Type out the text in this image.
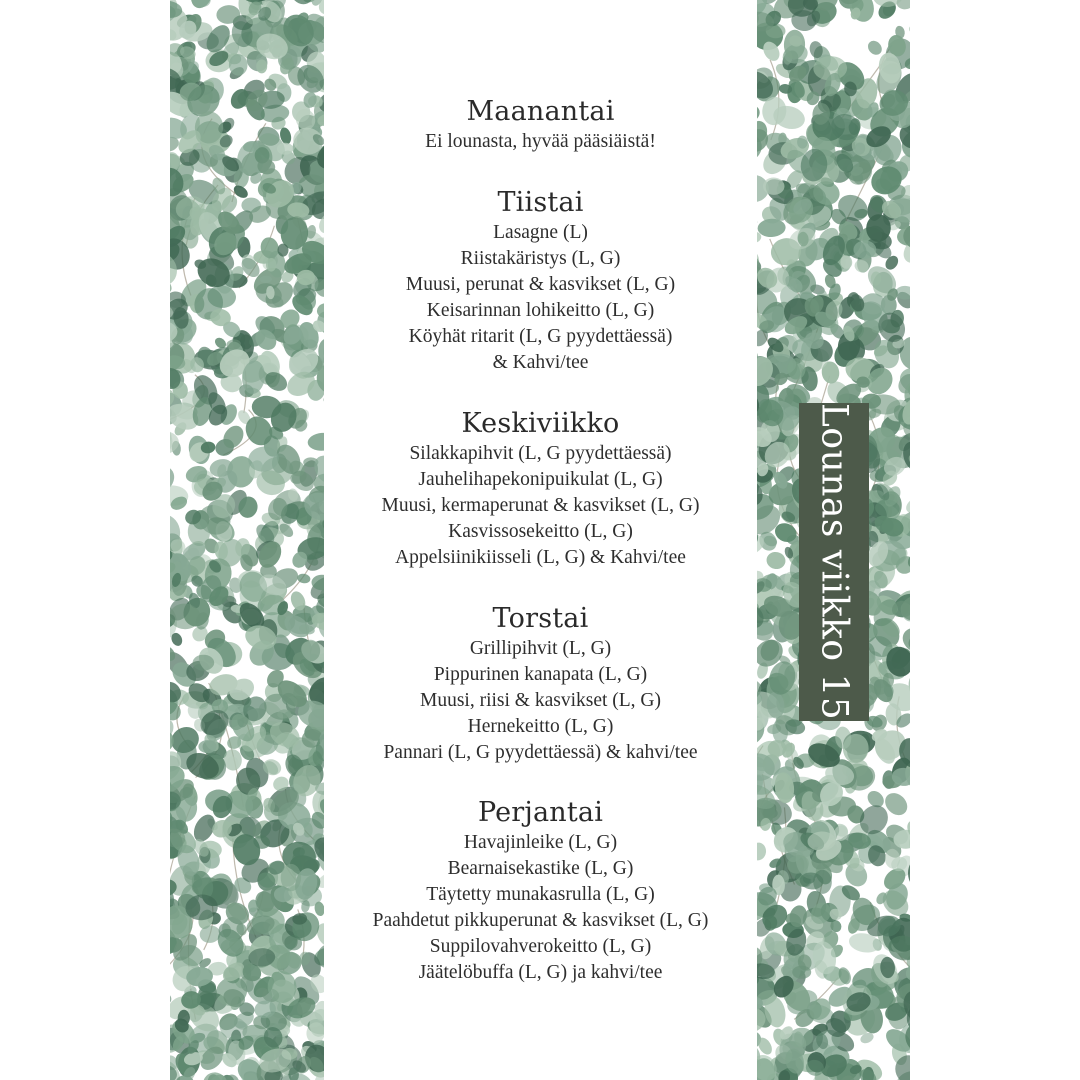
Maanantai
Ei lounasta, hyvää pääsiäistä!
Tiistai
Lasagne (L)
Riistakäristys (L, G)
Muusi, perunat & kasvikset (L, G)
Keisarinnan lohikeitto (L, G)
Köyhät ritarit (L, G pyydettäessä)
& Kahvi/tee
Keskiviikko
Silakkapihvit (L, G pyydettäessä)
Jauhelihapekonipuikulat (L, G)
Muusi, kermaperunat & kasvikset (L, G)
Kasvissosekeitto (L, G)
Appelsiinikiisseli (L, G) & Kahvi/tee
Torstai
Grillipihvit (L, G)
Pippurinen kanapata (L, G)
Muusi, riisi & kasvikset (L, G)
Hernekeitto (L, G)
Pannari (L, G pyydettäessä) & kahvi/tee
Perjantai
Havajinleike (L, G)
Bearnaisekastike (L, G)
Täytetty munakasrulla (L, G)
Paahdetut pikkuperunat & kasvikset (L, G)
Suppilovahverokeitto (L, G)
Jäätelöbuffa (L, G) ja kahvi/tee
Lounas viikko 15
